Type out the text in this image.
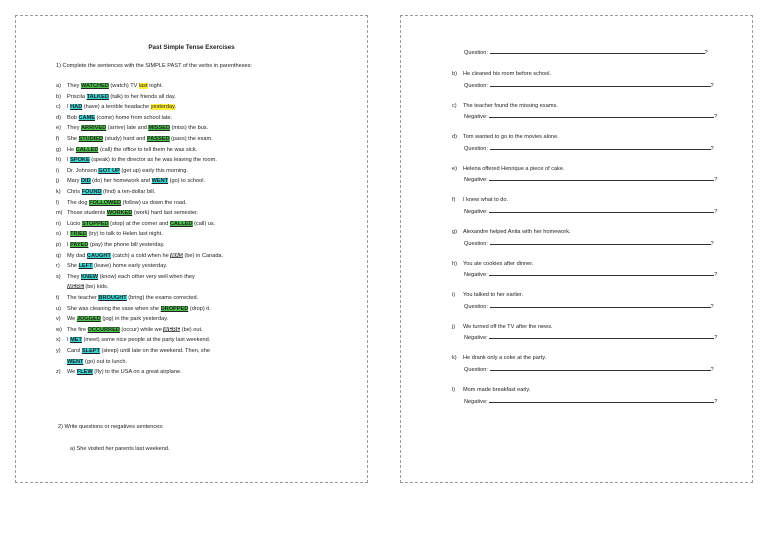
Past Simple Tense Exercises
1) Complete the sentences with the SIMPLE PAST of the verbs in parentheses:
a) They WATCHED (watch) TV last night.
b) Priscila TALKED (talk) to her friends all day.
c) I HAD (have) a terrible headache yesterday.
d) Bob CAME (come) home from school late.
e) They ARRIVED (arrive) late and MISSED (miss) the bus.
f) She STUDIED (study) hard and PASSED (pass) the exam.
g) He CALLED (call) the office to tell them he was sick.
h) I SPOKE (speak) to the director as he was leaving the room.
i) Dr. Johnson GOT UP (get up) early this morning.
j) Mary DID (do) her homework and WENT (go) to school.
k) Chris FOUND (find) a ten-dollar bill.
l) The dog FOLLOWED (follow) us down the road.
m) Those students WORKED (work) hard last semester.
n) Lúcio STOPPED (stop) at the corner and CALLED (call) us.
o) I TRIED (try) to talk to Helen last night.
p) I PAYED (pay) the phone bill yesterday.
q) My dad CAUGHT (catch) a cold when he WAS (be) in Canada.
r) She LEFT (leave) home early yesterday.
s) They KNEW (know) each other very well when they
WERE (be) kids.
t) The teacher BROUGHT (bring) the exams corrected.
u) She was cleaning the vase when she DROPPED (drop) it.
v) We JOGGED (jog) in the park yesterday.
w) The fire OCCURRED (occur) while we WERE (be) out.
x) I MET (meet) some nice people at the party last weekend.
y) Carol SLEPT (sleep) until late on the weekend. Then, she
WENT (go) out to lunch.
z) We FLEW (fly) to the USA on a great airplane.
2) Write questions or negatives sentences:
a) She visited her parents last weekend.
Question:	?
b) He cleaned his room before school.
Question:	?
c) The teacher found the missing exams.
Negative:	?
d) Tom wanted to go to the movies alone.
Question:	?
e) Helena offered Henrique a piece of cake.
Negative:	?
f) I knew what to do.
Negative:	?
g) Alexandre helped Anita with her homework.
Question:	?
h) You ate cookies after dinner.
Negative:	?
i) You talked to her earlier.
Question:	?
j) We turned off the TV after the news.
Negative:	?
k) He drank only a coke at the party.
Question:	?
l) Mom made breakfast early.
Negative:	?
